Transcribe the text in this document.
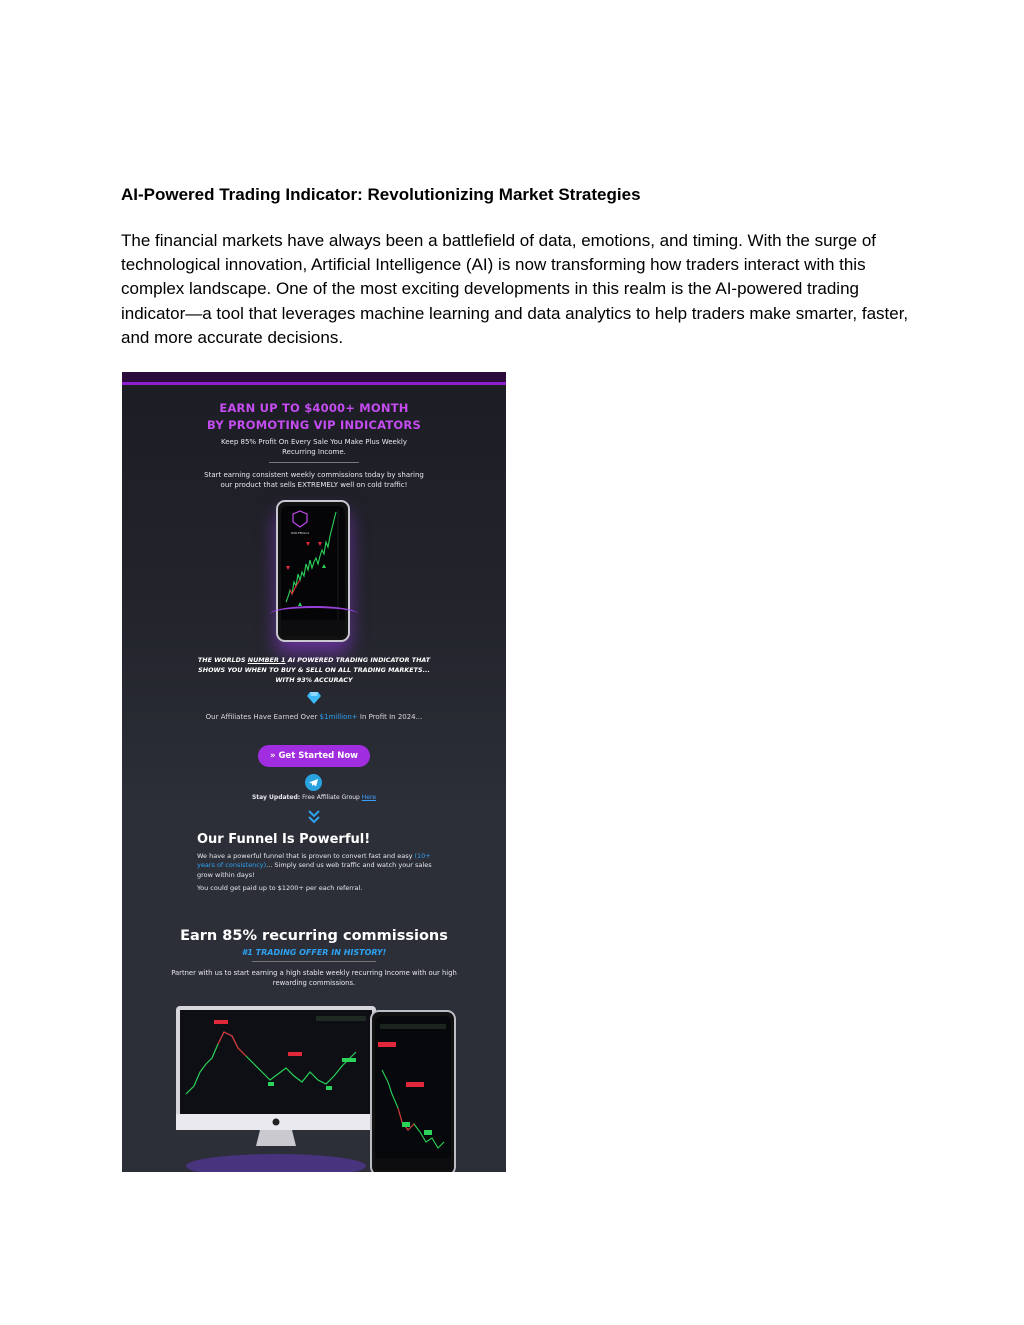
AI-Powered Trading Indicator: Revolutionizing Market Strategies

The financial markets have always been a battlefield of data, emotions, and timing. With the surge of technological innovation, Artificial Intelligence (AI) is now transforming how traders interact with this complex landscape. One of the most exciting developments in this realm is the AI-powered trading indicator—a tool that leverages machine learning and data analytics to help traders make smarter, faster, and more accurate decisions.

EARN UP TO $4000+ MONTH
BY PROMOTING VIP INDICATORS
Keep 85% Profit On Every Sale You Make Plus Weekly Recurring Income.
Start earning consistent weekly commissions today by sharing our product that sells EXTREMELY well on cold traffic!
WOLFBULLS
THE WORLDS NUMBER 1 AI POWERED TRADING INDICATOR THAT SHOWS YOU WHEN TO BUY & SELL ON ALL TRADING MARKETS... WITH 93% ACCURACY
Our Affiliates Have Earned Over $1million+ In Profit In 2024...
» Get Started Now
Stay Updated: Free Affiliate Group Here
Our Funnel Is Powerful!
We have a powerful funnel that is proven to convert fast and easy (10+ years of consistency)... Simply send us web traffic and watch your sales grow within days!
You could get paid up to $1200+ per each referral.
Earn 85% recurring commissions
#1 TRADING OFFER IN HISTORY!
Partner with us to start earning a high stable weekly recurring Income with our high rewarding commissions.
